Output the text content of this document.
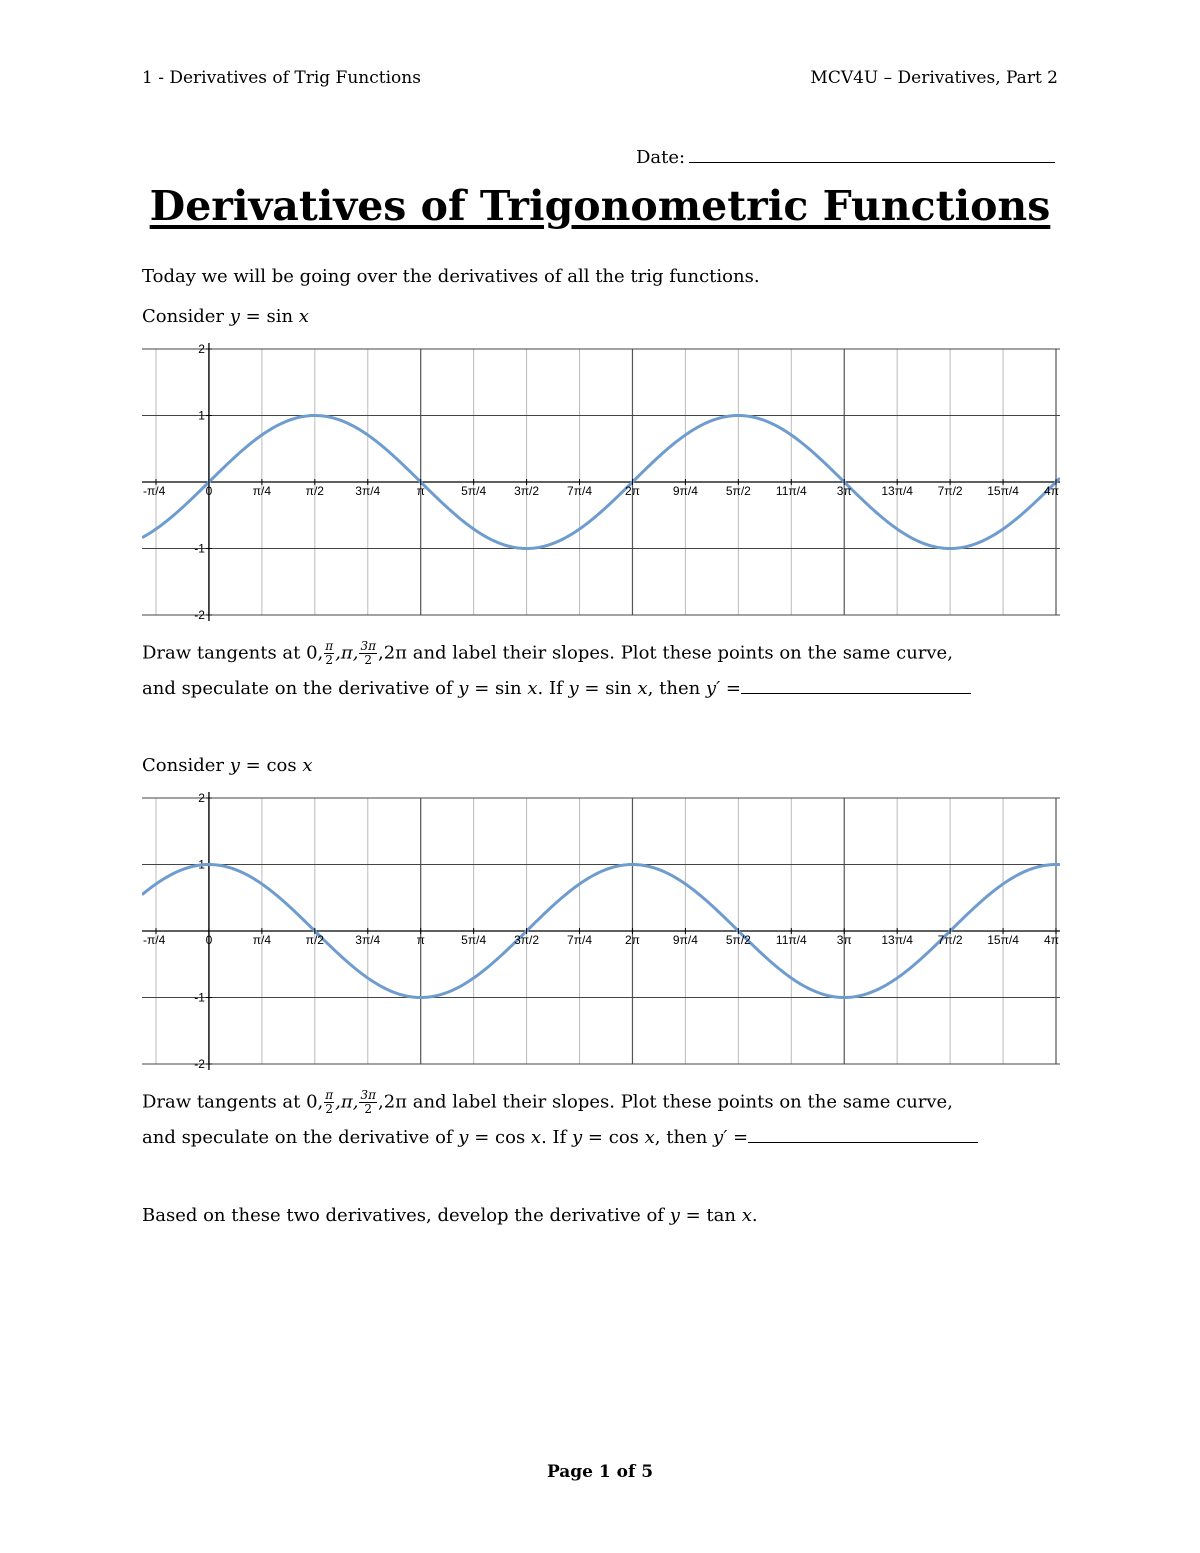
1 - Derivatives of Trig Functions	MCV4U – Derivatives, Part 2
Date:
Derivatives of Trigonometric Functions
Today we will be going over the derivatives of all the trig functions.
Consider y = sin x
2
1
-1
-2
-π/4	0	π/4	π/2	3π/4	π	5π/4 3π/2 7π/4	2π	9π/4 5π/2 11π/4	3π 13π/4 7π/2 15π/4 4π
Draw tangents at 0, $\frac{\pi}{2} ,\pi$, $\frac{3\pi}{2} ,2\pi$ and label their slopes. Plot these points on the same curve,
and speculate on the derivative of y = sin x. If y = sin x, then y′ =
Consider y = cos x
2
1
-1
-2
-π/4	0	π/4	π/2	3π/4	π	5π/4 3π/2 7π/4	2π	9π/4 5π/2 11π/4	3π 13π/4 7π/2 15π/4 4π
Draw tangents at 0, $\frac{\pi}{2} ,\pi$, $\frac{3\pi}{2} ,2\pi$ and label their slopes. Plot these points on the same curve,
and speculate on the derivative of y = cos x. If y = cos x, then y′ =
Based on these two derivatives, develop the derivative of y = tan x.
Page 1 of 5
